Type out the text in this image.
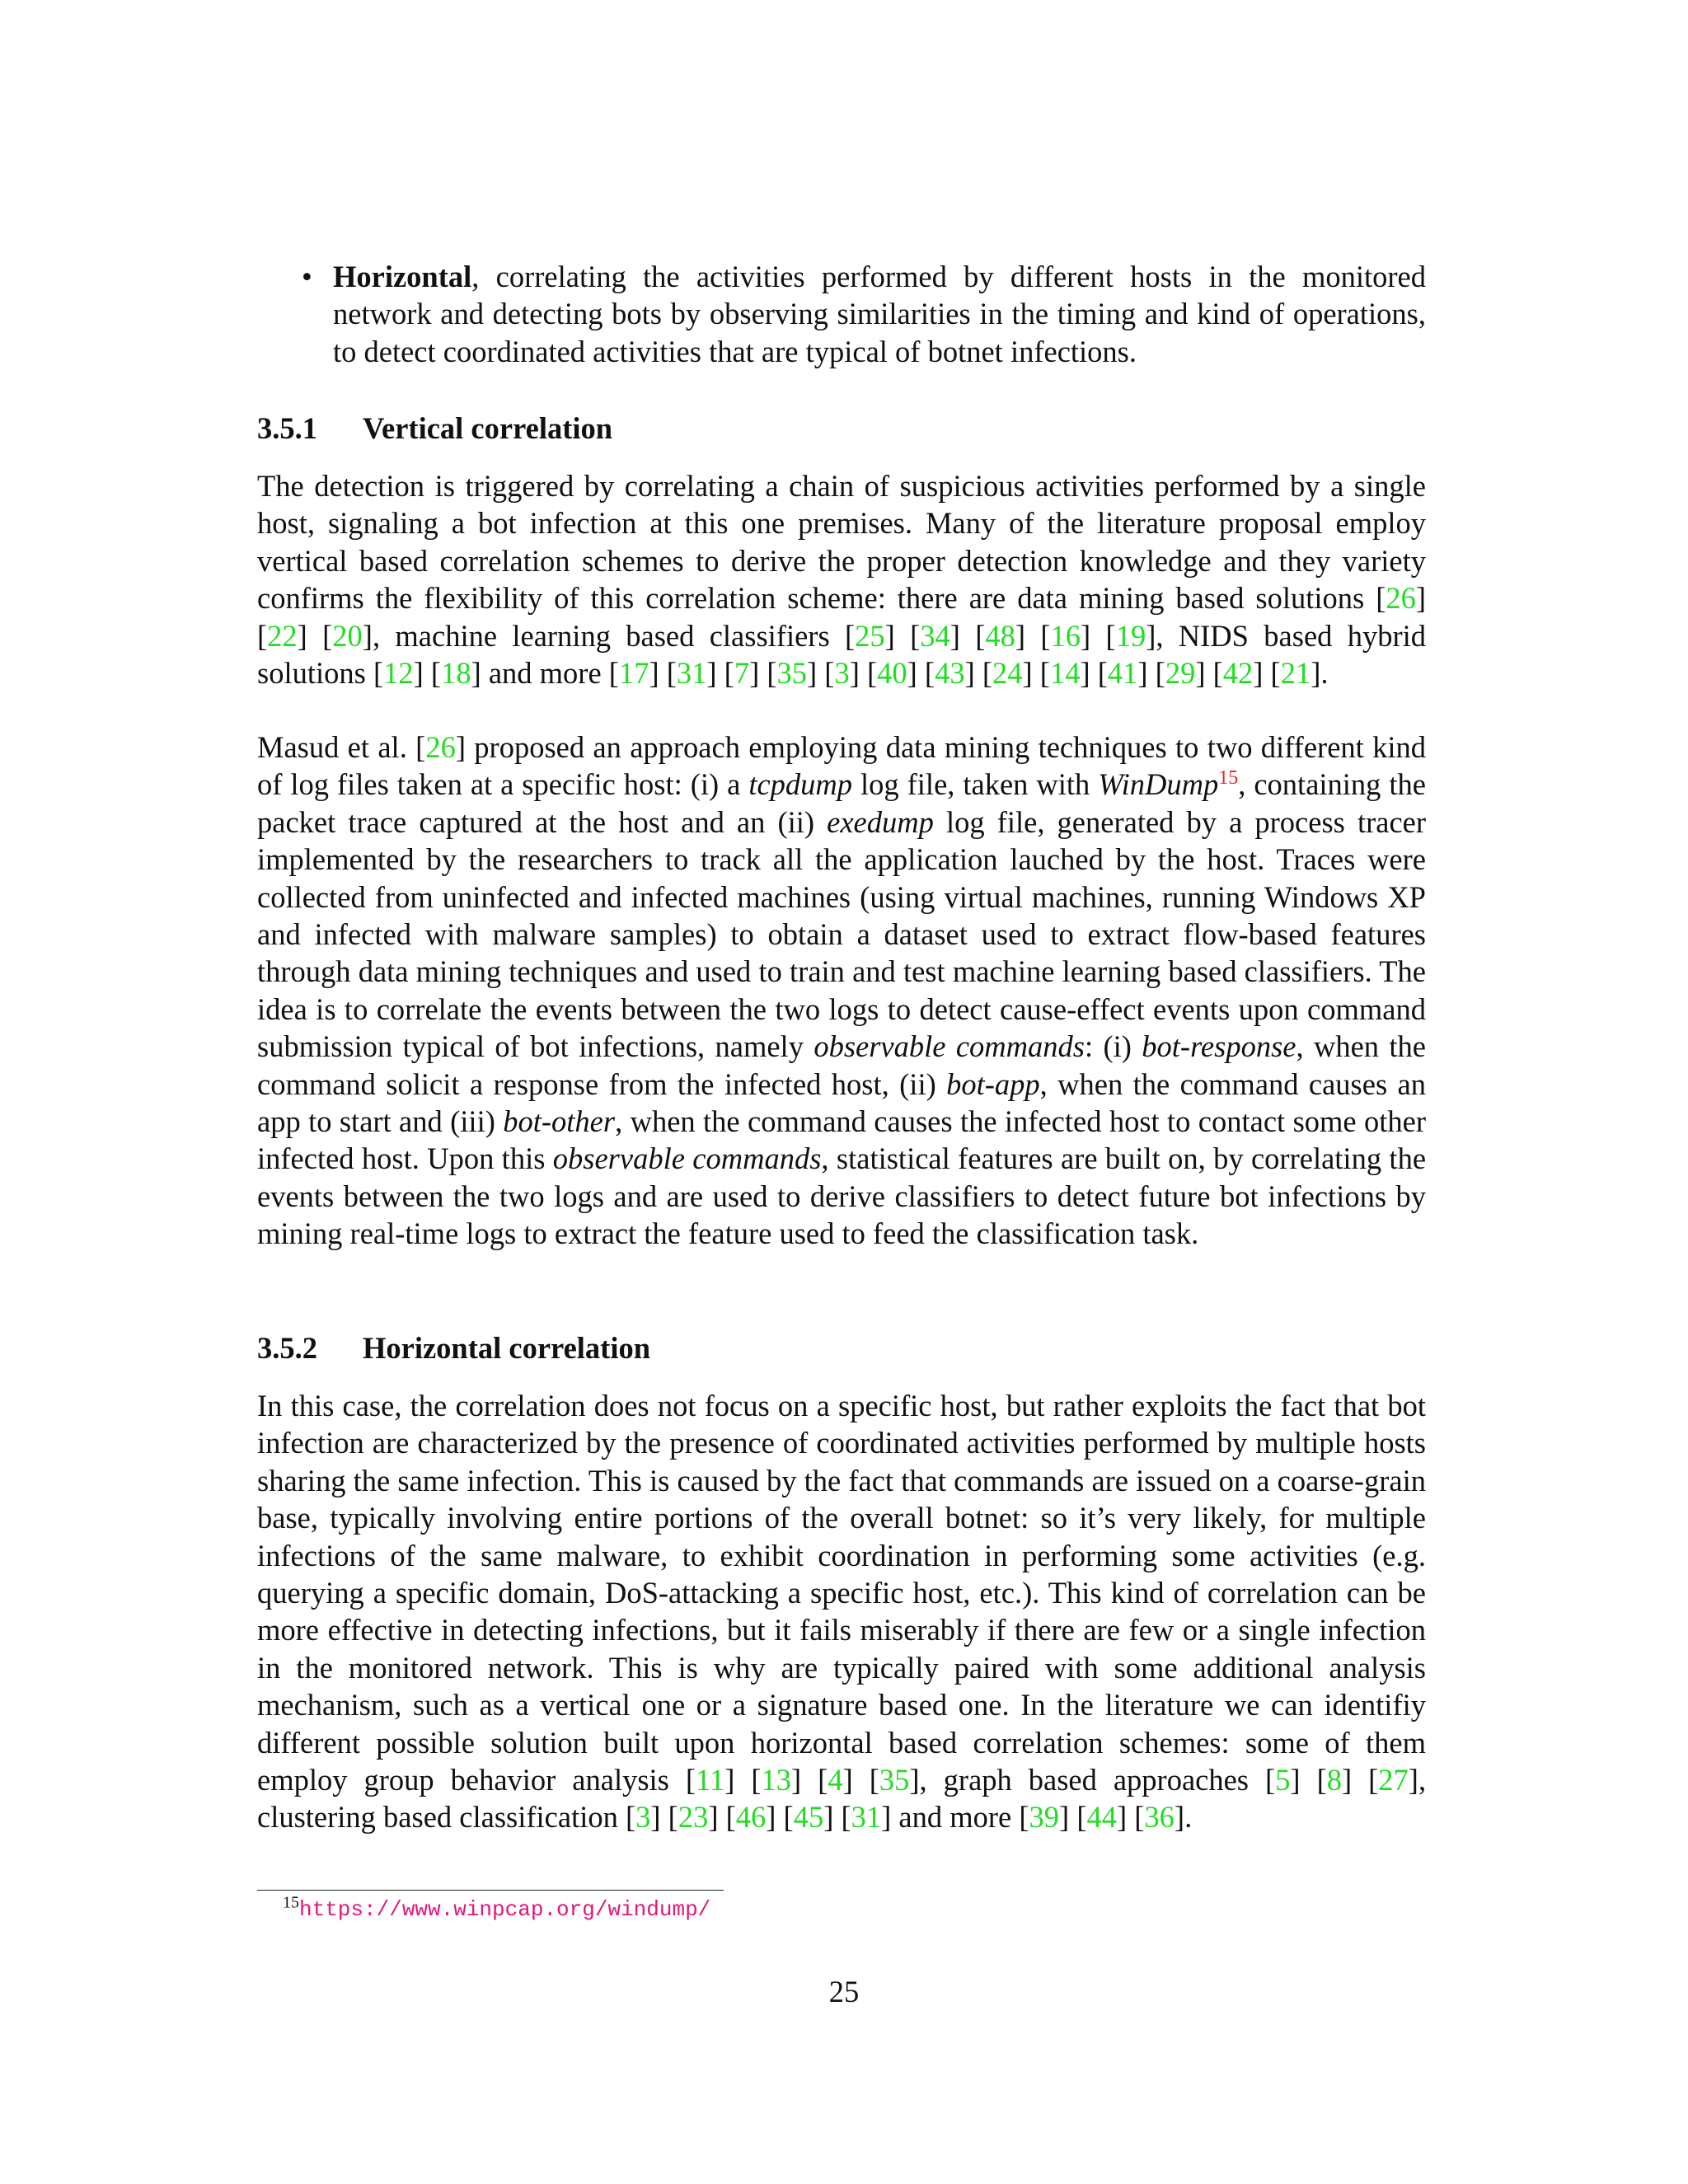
• Horizontal, correlating the activities performed by different hosts in the monitored network and detecting bots by observing similarities in the timing and kind of operations, to detect coordinated activities that are typical of botnet infections.

3.5.1 Vertical correlation

The detection is triggered by correlating a chain of suspicious activities performed by a single host, signaling a bot infection at this one premises. Many of the literature proposal employ vertical based correlation schemes to derive the proper detection knowledge and they variety confirms the flexibility of this correlation scheme: there are data mining based solutions [26] [22] [20], machine learning based classifiers [25] [34] [48] [16] [19], NIDS based hybrid solutions [12] [18] and more [17] [31] [7] [35] [3] [40] [43] [24] [14] [41] [29] [42] [21].

Masud et al. [26] proposed an approach employing data mining techniques to two different kind of log files taken at a specific host: (i) a tcpdump log file, taken with WinDump$^{15}$, containing the packet trace captured at the host and an (ii) exedump log file, generated by a process tracer implemented by the researchers to track all the application lauched by the host. Traces were collected from uninfected and infected machines (using virtual machines, running Windows XP and infected with malware samples) to obtain a dataset used to extract flow-based features through data mining techniques and used to train and test machine learning based classifiers. The idea is to correlate the events between the two logs to detect cause-effect events upon command submission typical of bot infections, namely observable commands: (i) bot-response, when the command solicit a response from the infected host, (ii) bot-app, when the command causes an app to start and (iii) bot-other, when the command causes the infected host to contact some other infected host. Upon this observable commands, statistical features are built on, by correlating the events between the two logs and are used to derive classifiers to detect future bot infections by mining real-time logs to extract the feature used to feed the classification task.

3.5.2 Horizontal correlation

In this case, the correlation does not focus on a specific host, but rather exploits the fact that bot infection are characterized by the presence of coordinated activities performed by multiple hosts sharing the same infection. This is caused by the fact that commands are issued on a coarse-grain base, typically involving entire portions of the overall botnet: so it’s very likely, for multiple infections of the same malware, to exhibit coordination in performing some activities (e.g. querying a specific domain, DoS-attacking a specific host, etc.). This kind of correlation can be more effective in detecting infections, but it fails miserably if there are few or a single infection in the monitored network. This is why are typically paired with some additional analysis mechanism, such as a vertical one or a signature based one. In the literature we can identifiy different possible solution built upon horizontal based correlation schemes: some of them employ group behavior analysis [11] [13] [4] [35], graph based approaches [5] [8] [27], clustering based classification [3] [23] [46] [45] [31] and more [39] [44] [36].

$^{15}$https://www.winpcap.org/windump/
25
